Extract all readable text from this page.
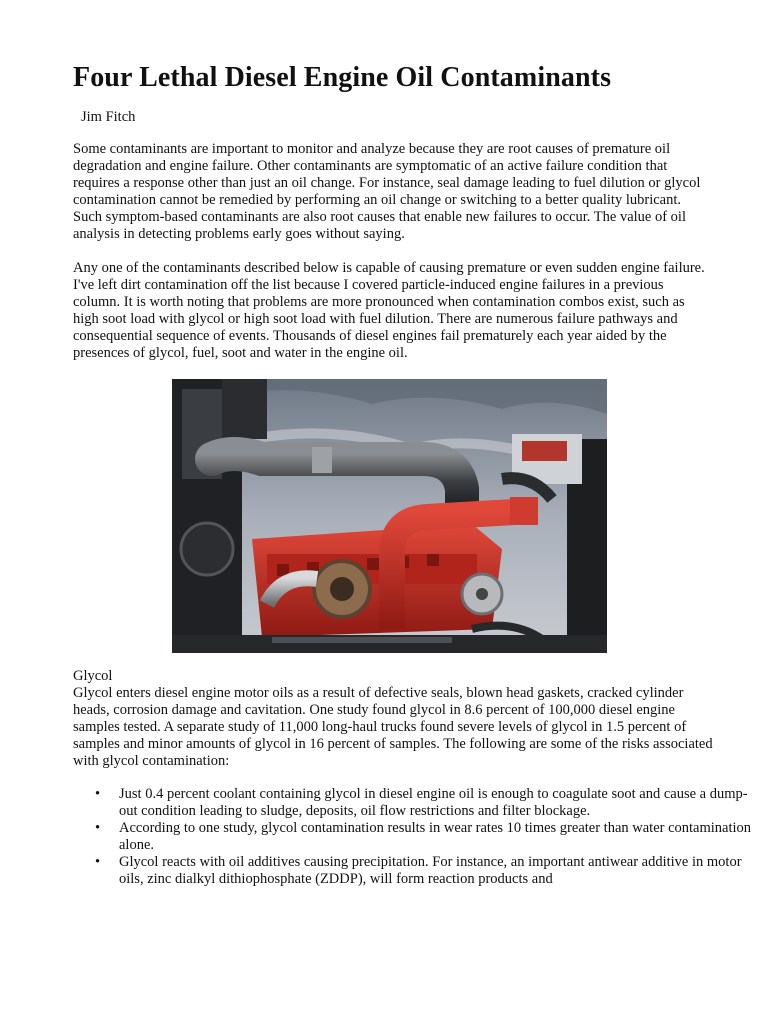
Four Lethal Diesel Engine Oil Contaminants
Jim Fitch

Some contaminants are important to monitor and analyze because they are root causes of premature oil degradation and engine failure. Other contaminants are symptomatic of an active failure condition that requires a response other than just an oil change. For instance, seal damage leading to fuel dilution or glycol contamination cannot be remedied by performing an oil change or switching to a better quality lubricant. Such symptom-based contaminants are also root causes that enable new failures to occur. The value of oil analysis in detecting problems early goes without saying.

Any one of the contaminants described below is capable of causing premature or even sudden engine failure. I've left dirt contamination off the list because I covered particle-induced engine failures in a previous column. It is worth noting that problems are more pronounced when contamination combos exist, such as high soot load with glycol or high soot load with fuel dilution. There are numerous failure pathways and consequential sequence of events. Thousands of diesel engines fail prematurely each year aided by the presences of glycol, fuel, soot and water in the engine oil.

Glycol

Glycol enters diesel engine motor oils as a result of defective seals, blown head gaskets, cracked cylinder heads, corrosion damage and cavitation. One study found glycol in 8.6 percent of 100,000 diesel engine samples tested. A separate study of 11,000 long-haul trucks found severe levels of glycol in 1.5 percent of samples and minor amounts of glycol in 16 percent of samples. The following are some of the risks associated with glycol contamination:

• Just 0.4 percent coolant containing glycol in diesel engine oil is enough to coagulate soot and cause a dump-out condition leading to sludge, deposits, oil flow restrictions and filter blockage.
• According to one study, glycol contamination results in wear rates 10 times greater than water contamination alone.
• Glycol reacts with oil additives causing precipitation. For instance, an important antiwear additive in motor oils, zinc dialkyl dithiophosphate (ZDDP), will form reaction products and
